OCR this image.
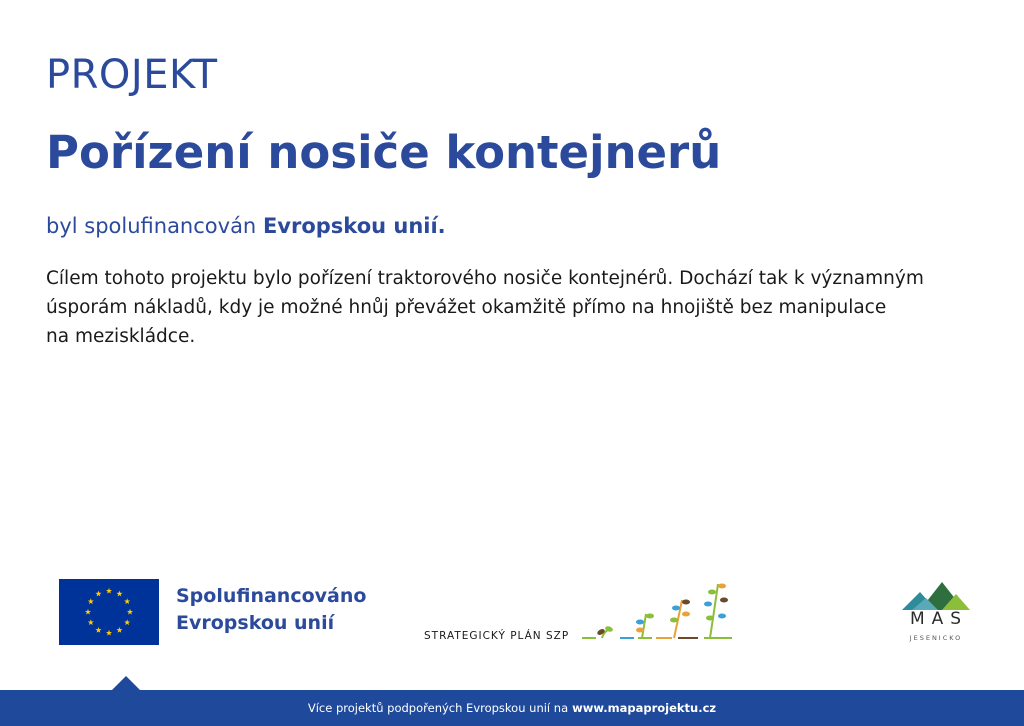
PROJEKT
Pořízení nosiče kontejnerů
byl spolufinancován Evropskou unií.
Cílem tohoto projektu bylo pořízení traktorového nosiče kontejnérů. Dochází tak k významným
úsporám nákladů, kdy je možné hnůj převážet okamžitě přímo na hnojiště bez manipulace
na meziskládce.
Spolufinancováno
Evropskou unií
STRATEGICKÝ PLÁN SZP
MAS
JESENICKO
Více projektů podpořených Evropskou unií na www.mapaprojektu.cz
